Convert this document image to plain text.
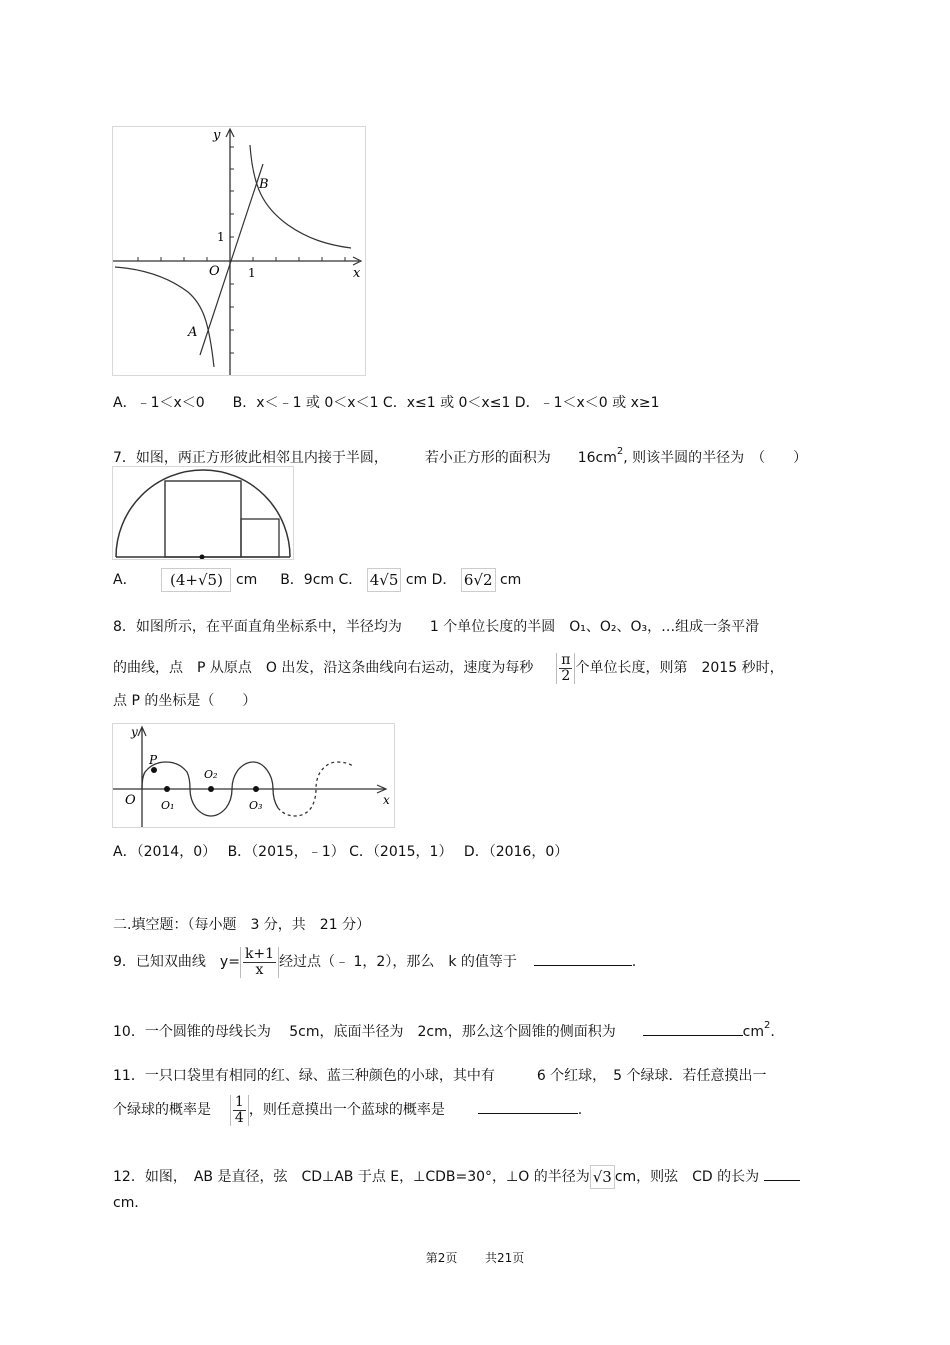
y
x
O 1
1
A
B
A．﹣1＜x＜0　　B．x＜﹣1 或 0＜x＜1 C．x≤1 或 0＜x≤1 D．﹣1＜x＜0 或 x≥1
7．如图，两正方形彼此相邻且内接于半圆，	若小正方形的面积为 $16cm^2$, 则该半圆的半径为　（　　）
A． (4+√5) cm B．9cm C． 4√5 cm D． 6√2 cm
8．如图所示，在平面直角坐标系中，半径均为　　1 个单位长度的半圆　O₁、O₂、O₃，…组成一条平滑
的曲线，点　P 从原点　O 出发，沿这条曲线向右运动，速度为每秒 $\frac{\pi}{2}$ 个单位长度，则第　2015 秒时，
点 P 的坐标是（　　）
y
x
O
P
O₁
O₂
O₃
A．（2014，0）　 B．（2015，﹣1） C．（2015，1）　 D．（2016，0）
二.填空题：（每小题　3 分，共　21 分）
9．已知双曲线　$y= \frac{k+1}{x}$ 经过点（﹣ 1，2），那么　k 的值等于	.
10．一个圆锥的母线长为　 5cm，底面半径为　2cm，那么这个圆锥的侧面积为	$cm^2$.
11．一只口袋里有相同的红、绿、蓝三种颜色的小球，其中有　　　6 个红球，　5 个绿球．若任意摸出一
个绿球的概率是 $\frac{1}{4}$ ，则任意摸出一个蓝球的概率是	.
12．如图，　AB 是直径，弦　CD⊥AB 于点 E，⊥CDB=30°，⊥O 的半径为 √3 cm，则弦　CD 的长为
cm．
第2页 共21页
